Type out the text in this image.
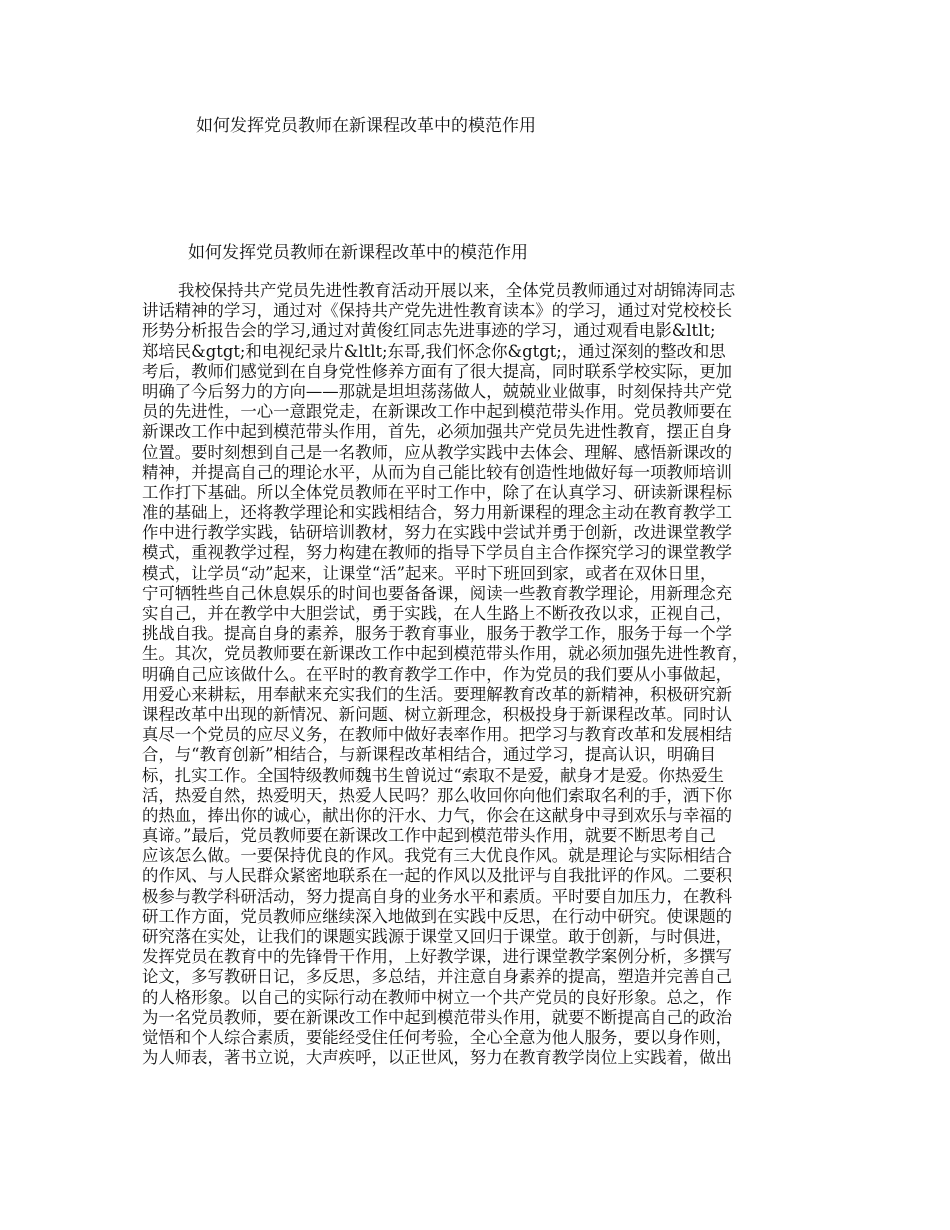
如何发挥党员教师在新课程改革中的模范作用
如何发挥党员教师在新课程改革中的模范作用
我校保持共产党员先进性教育活动开展以来，全体党员教师通过对胡锦涛同志
讲话精神的学习，通过对《保持共产党先进性教育读本》的学习，通过对党校校长
形势分析报告会的学习,通过对黄俊红同志先进事迹的学习，通过观看电影&ltlt;
郑培民&gtgt;和电视纪录片&ltlt;东哥,我们怀念你&gtgt;，通过深刻的整改和思
考后，教师们感觉到在自身党性修养方面有了很大提高，同时联系学校实际，更加
明确了今后努力的方向——那就是坦坦荡荡做人，兢兢业业做事，时刻保持共产党
员的先进性，一心一意跟党走，在新课改工作中起到模范带头作用。党员教师要在
新课改工作中起到模范带头作用，首先，必须加强共产党员先进性教育，摆正自身
位置。要时刻想到自己是一名教师，应从教学实践中去体会、理解、感悟新课改的
精神，并提高自己的理论水平，从而为自己能比较有创造性地做好每一项教师培训
工作打下基础。所以全体党员教师在平时工作中，除了在认真学习、研读新课程标
准的基础上，还将教学理论和实践相结合，努力用新课程的理念主动在教育教学工
作中进行教学实践，钻研培训教材，努力在实践中尝试并勇于创新，改进课堂教学
模式，重视教学过程，努力构建在教师的指导下学员自主合作探究学习的课堂教学
模式，让学员“动”起来，让课堂“活”起来。平时下班回到家，或者在双休日里，
宁可牺牲些自己休息娱乐的时间也要备备课，阅读一些教育教学理论，用新理念充
实自己，并在教学中大胆尝试，勇于实践，在人生路上不断孜孜以求，正视自己，
挑战自我。提高自身的素养，服务于教育事业，服务于教学工作，服务于每一个学
生。其次，党员教师要在新课改工作中起到模范带头作用，就必须加强先进性教育，
明确自己应该做什么。在平时的教育教学工作中，作为党员的我们要从小事做起，
用爱心来耕耘，用奉献来充实我们的生活。要理解教育改革的新精神，积极研究新
课程改革中出现的新情况、新问题、树立新理念，积极投身于新课程改革。同时认
真尽一个党员的应尽义务，在教师中做好表率作用。把学习与教育改革和发展相结
合，与“教育创新”相结合，与新课程改革相结合，通过学习，提高认识，明确目
标，扎实工作。全国特级教师魏书生曾说过“索取不是爱，献身才是爱。你热爱生
活，热爱自然，热爱明天，热爱人民吗？那么收回你向他们索取名利的手，洒下你
的热血，捧出你的诚心，献出你的汗水、力气，你会在这献身中寻到欢乐与幸福的
真谛。”最后，党员教师要在新课改工作中起到模范带头作用，就要不断思考自己
应该怎么做。一要保持优良的作风。我党有三大优良作风。就是理论与实际相结合
的作风、与人民群众紧密地联系在一起的作风以及批评与自我批评的作风。二要积
极参与教学科研活动，努力提高自身的业务水平和素质。平时要自加压力，在教科
研工作方面，党员教师应继续深入地做到在实践中反思，在行动中研究。使课题的
研究落在实处，让我们的课题实践源于课堂又回归于课堂。敢于创新，与时俱进，
发挥党员在教育中的先锋骨干作用，上好教学课，进行课堂教学案例分析，多撰写
论文，多写教研日记，多反思，多总结，并注意自身素养的提高，塑造并完善自己
的人格形象。以自己的实际行动在教师中树立一个共产党员的良好形象。总之，作
为一名党员教师，要在新课改工作中起到模范带头作用，就要不断提高自己的政治
觉悟和个人综合素质，要能经受住任何考验，全心全意为他人服务，要以身作则，
为人师表，著书立说，大声疾呼，以正世风，努力在教育教学岗位上实践着，做出
